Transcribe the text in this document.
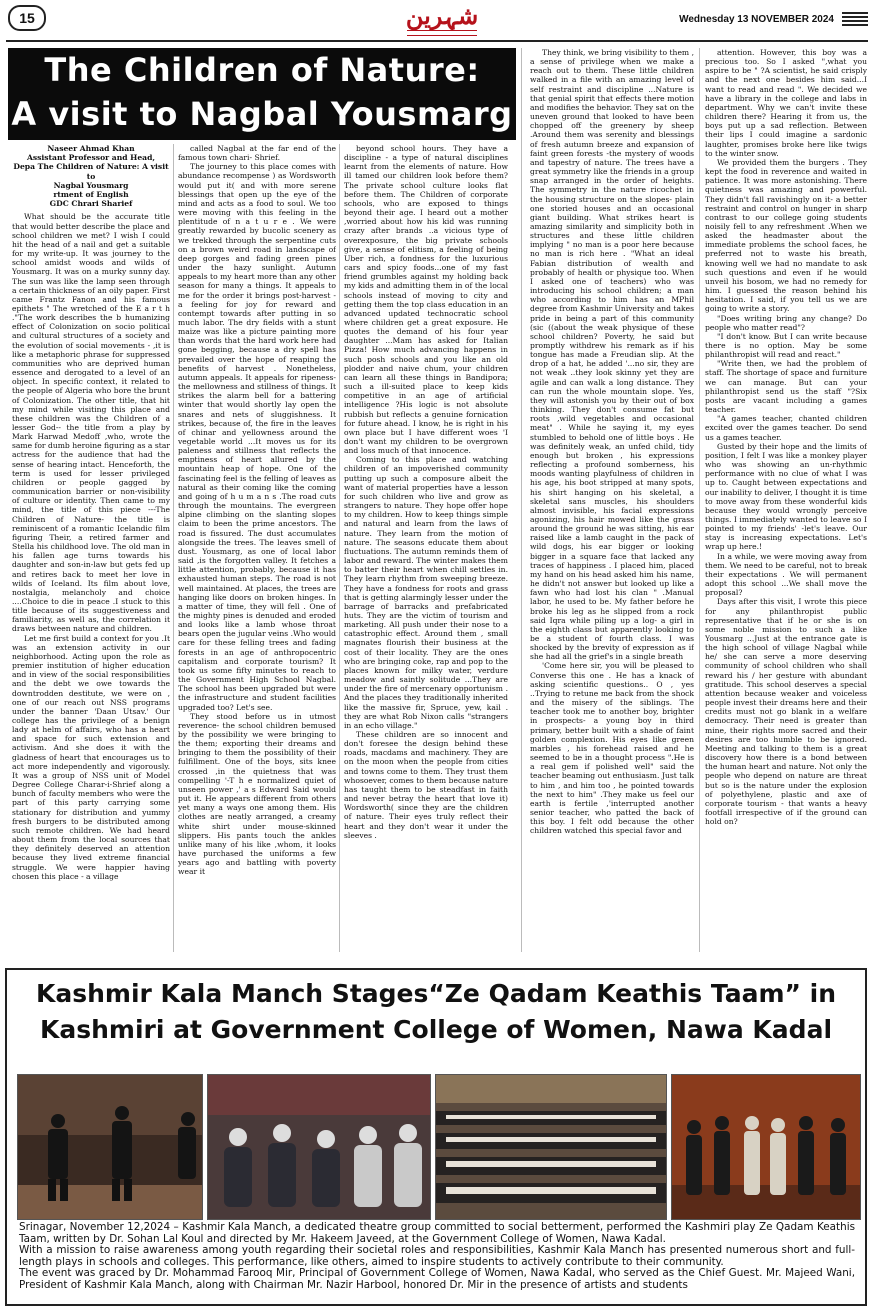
15	شہرین	Wednesday 13 NOVEMBER 2024
The Children of Nature:
A visit to Nagbal Yousmarg
Naseer Ahmad Khan
Assistant Professor and Head,
Depa The Children of Nature: A visit to
Nagbal Yousmarg
rtment of English
GDC Chrari Sharief

What should be the accurate title that would better describe the place and school children we met? I wish I could hit the head of a nail and get a suitable for my write-up. It was journey to the school amidst woods and wilds of Yousmarg. It was on a murky sunny day. The sun was like the lamp seen through a certain thickness of an oily paper. First came Frantz Fanon and his famous epithets " The wretched of the E a r t h ."The work describes the b humanizing effect of Colonization on socio political and cultural structures of a society and the evolution of social movements - ,it is like a metaphoric phrase for suppressed communities who are deprived human essence and derogated to a level of an object. In specific context, it related to the people of Algeria who bore the brunt of Colonization. The other title, that hit my mind while visiting this place and these children was the Children of a lesser God-- the title from a play by Mark Harwad Medoff ,who, wrote the same for dumb heroine figuring as a star actress for the audience that had the sense of hearing intact. Henceforth, the term is used for lesser privileged children or people gagged by communication barrier or non-visibility of culture or identity. Then came to my mind, the title of this piece ---The Children of Nature- the title is reminiscent of a romantic Icelandic film figuring Their, a retired farmer and Stella his childhood love. The old man in his fallen age turns towards his daughter and son-in-law but gets fed up and retires back to meet her love in wilds of Iceland. Its film about love, nostalgia, melancholy and choice ....Choice to die in peace .I stuck to this title because of its suggestiveness and familiarity, as well as, the correlation it draws between nature and children.

Let me first build a context for you .It was an extension activity in our neighborhood. Acting upon the role as premier institution of higher education and in view of the social responsibilities and the debt we owe towards the downtrodden destitute, we were on , one of our reach out NSS programs under the banner 'Daan Utsav.' Our college has the privilege of a benign lady at helm of affairs, who has a heart and space for such extension and activism. And she does it with the gladness of heart that encourages us to act more independently and vigorously. It was a group of NSS unit of Model Degree College Charar-i-Shrief along a bunch of faculty members who were the part of this party carrying some stationary for distribution and yummy fresh burgers to be distributed among such remote children. We had heard about them from the local sources that they definitely deserved an attention because they lived extreme financial struggle. We were happier having chosen this place - a village

called Nagbal at the far end of the famous town chari- Shrief.

The journey to this place comes with abundance recompense ) as Wordsworth would put it( and with more serene blessings that open up the eye of the mind and acts as a food to soul. We too were moving with this feeling in the plentitude of n a t u r e . We were greatly rewarded by bucolic scenery as we trekked through the serpentine cuts on a brown weird road in landscape of deep gorges and fading green pines under the hazy sunlight. Autumn appeals to my heart more than any other season for many a things. It appeals to me for the order it brings post-harvest - a feeling for joy for reward and contempt towards after putting in so much labor. The dry fields with a stunt maize was like a picture painting more than words that the hard work here had gone begging, because a dry spell has prevailed over the hope of reaping the benefits of harvest . Nonetheless, autumn appeals. It appeals for ripeness- the mellowness and stillness of things. It strikes the alarm bell for a battering winter that would shortly lay open the snares and nets of sluggishness. It strikes, because of, the fire in the leaves of chinar and yellowness around the vegetable world ...It moves us for its paleness and stillness that reflects the emptiness of heart allured by the mountain heap of hope. One of the fascinating feel is the felling of leaves as natural as their coming like the coming and going of h u m a n s .The road cuts through the mountains. The evergreen alpine climbing on the slanting slopes claim to been the prime ancestors. The road is fissured. The dust accumulates alongside the trees. The leaves smell of dust. Yousmarg, as one of local labor said ,is the forgotten valley. It fetches a little attention, probably, because it has exhausted human steps. The road is not well maintained. At places, the trees are hanging like doors on broken hinges. In a matter of time, they will fell . One of the mighty pines is denuded and eroded and looks like a lamb whose throat bears open the jugular veins .Who would care for these felling trees and fading forests in an age of anthropocentric capitalism and corporate tourism? It took us some fifty minutes to reach to the Government High School Nagbal. The school has been upgraded but were the infrastructure and student facilities upgraded too? Let's see.

They stood before us in utmost reverence- the school children bemused by the possibility we were bringing to the them; exporting their dreams and bringing to them the possibility of their fulfillment. One of the boys, sits knee crossed ,in the quietness that was compelling '-T h e normalized quiet of unseen power ,' a s Edward Said would put it. He appears different from others yet many a ways one among them. His clothes are neatly arranged, a creamy white shirt under mouse-skinned slippers. His pants touch the ankles unlike many of his like ,whom, it looks have purchased the uniforms a few years ago and battling with poverty wear it

beyond school hours. They have a discipline - a type of natural disciplines learnt from the elements of nature. How ill tamed our children look before them? The private school culture looks flat before them. The Children of corporate schools, who are exposed to things beyond their age. I heard out a mother ,worried about how his kid was running crazy after brands ..a vicious type of overexposure, the big private schools give, a sense of elitism, a feeling of being Uber rich, a fondness for the luxurious cars and spicy foods...one of my fast friend grumbles against my holding back my kids and admitting them in of the local schools instead of moving to city and getting them the top class education in an advanced updated technocratic school where children get a great exposure. He quotes the demand of his four year daughter ...Mam has asked for Italian Pizza! How much advancing happens in such posh schools and you like an old plodder and naive chum, your children can learn all these things in Bandipora; such a ill-suited place to keep kids competitive in an age of artificial intelligence ?His logic is not absolute rubbish but reflects a genuine fornication for future ahead. I know, he is right in his own place but I have different woes 'I don't want my children to be overgrown and loss much of that innocence.

Coming to this place and watching children of an impoverished community putting up such a composure albeit the want of material properties have a lesson for such children who live and grow as strangers to nature. They hope offer hope to my children. How to keep things simple and natural and learn from the laws of nature. They learn from the motion of nature. The seasons educate them about fluctuations. The autumn reminds them of labor and reward. The winter makes them to batter their heart when chill settles in. They learn rhythm from sweeping breeze. They have a fondness for roots and grass that is getting alarmingly lesser under the barrage of barracks and prefabricated huts. They are the victim of tourism and marketing. All push under their nose to a catastrophic effect. Around them , small magnates flourish their business at the cost of their locality. They are the ones who are bringing coke, rap and pop to the places known for milky water, verdure meadow and saintly solitude ...They are under the fire of mercenary opportunism . And the places they traditionally inherited like the massive fir, Spruce, yew, kail . they are what Rob Nixon calls "strangers in an echo village."

These children are so innocent and don't foresee the design behind these roads, macdams and machinery. They are on the moon when the people from cities and towns come to them. They trust them whosoever, comes to them because nature has taught them to be steadfast in faith and never betray the heart that love it) Wordsworth( since they are the children of nature. Their eyes truly reflect their heart and they don't wear it under the sleeves .

They think, we bring visibility to them , a sense of privilege when we make a reach out to them. These little children walked in a file with an amazing level of self restraint and discipline ...Nature is that genial spirit that effects there motion and modifies the behavior. They sat on the uneven ground that looked to have been chopped off the greenery by sheep .Around them was serenity and blessings of fresh autumn breeze and expansion of faint green forests -the mystery of woods and tapestry of nature. The trees have a great symmetry like the friends in a group snap arranged in the order of heights. The symmetry in the nature ricochet in the housing structure on the slopes- plain one storied houses and an occasional giant building. What strikes heart is amazing similarity and simplicity both in structures and these little children implying " no man is a poor here because no man is rich here . "What an ideal Fabian distribution of wealth and probably of health or physique too. When I asked one of teachers) who was introducing his school children; a man who according to him has an MPhil degree from Kashmir University and takes pride in being a part of this community (sic ((about the weak physique of these school children? Poverty, he said but promptly withdrew his remark as if his tongue has made a Freudian slip. At the drop of a hat, he added '...no sir, they are not weak ..they look skinny yet they are agile and can walk a long distance. They can run the whole mountain slope. Yes, they will astonish you by their out of box thinking. They don't consume fat but roots ,wild vegetables and occasional meat" . While he saying it, my eyes stumbled to behold one of little boys . He was definitely weak, an unfed child, tidy enough but broken , his expressions reflecting a profound somberness, his moods wanting playfulness of children in his age, his boot stripped at many spots, his shirt hanging on his skeletal, a skeletal sans muscles, his shoulders almost invisible, his facial expressions agonizing, his hair mowed like the grass around the ground he was sitting, his ear raised like a lamb caught in the pack of wild dogs, his ear bigger or looking bigger in a square face that lacked any traces of happiness . I placed him, placed my hand on his head asked him his name, he didn't not answer but looked up like a fawn who had lost his clan " .Manual labor, he used to be. My father before he broke his leg as he slipped from a rock said Iqra while piling up a log- a girl in the eighth class but apparently looking to be a student of fourth class. I was shocked by the brevity of expression as if she had all the grief's in a single breath

'Come here sir, you will be pleased to Converse this one . He has a knack of asking scientific questions.. O , yes ..Trying to retune me back from the shock and the misery of the siblings. The teacher took me to another boy, brighter in prospects- a young boy in third primary, better built with a shade of faint golden complexion. His eyes like green marbles , his forehead raised and he seemed to be in a thought process ".He is a real gem if polished well" said the teacher beaming out enthusiasm. Just talk to him , and him too , he pointed towards the next to him" .They make us feel our earth is fertile ,'interrupted another senior teacher, who patted the back of this boy. I felt odd because the other children watched this special favor and

attention. However, this boy was a precious too. So I asked ",what you aspire to be " ?A scientist, he said crisply and the next one besides him said...I want to read and read ". We decided we have a library in the college and labs in department. Why we can't invite these children there? Hearing it from us, the boys put up a sad reflection. Between their lips I could imagine a sardonic laughter, promises broke here like twigs to the winter snow.

We provided them the burgers . They kept the food in reverence and waited in patience. It was more astonishing. There quietness was amazing and powerful. They didn't fall ravishingly on it- a better restraint and control on hunger in sharp contrast to our college going students noisily fell to any refreshment .When we asked the headmaster about the immediate problems the school faces, he preferred not to waste his breath, knowing well we had no mandate to ask such questions and even if he would unveil his bosom, we had no remedy for him. I guessed the reason behind his hesitation. I said, if you tell us we are going to write a story.

"Does writing bring any change? Do people who matter read"?

"I don't know. But I can write because there is no option. May be some philanthropist will read and react."

"Write then, we had the problem of staff. The shortage of space and furniture we can manage. But can your philanthropist send us the staff "?Six posts are vacant including a games teacher.

"A games teacher, chanted children excited over the games teacher. Do send us a games teacher.

Gusted by their hope and the limits of position, I felt I was like a monkey player who was showing an un-rhythmic performance with no clue of what I was up to. Caught between expectations and our inability to deliver, I thought it is time to move away from these wonderful kids because they would wrongly perceive things. I immediately wanted to leave so I pointed to my friends' -let's leave. Our stay is increasing expectations. Let's wrap up here.!

In a while, we were moving away from them. We need to be careful, not to break their expectations . We will permanent adopt this school ...We shall move the proposal?

Days after this visit, I wrote this piece for any philanthropist public representative that if he or she is on some noble mission to such a like Yousmarg ...Just at the entrance gate is the high school of village Nagbal while he/ she can serve a more deserving community of school children who shall reward his / her gesture with abundant gratitude. This school deserves a special attention because weaker and voiceless people invest their dreams here and their credits must not go blank in a welfare democracy. Their need is greater than mine, their rights more sacred and their desires are too humble to be ignored. Meeting and talking to them is a great discovery how there is a bond between the human heart and nature. Not only the people who depend on nature are threat but so is the nature under the explosion of polyethylene, plastic and axe of corporate tourism - that wants a heavy footfall irrespective of if the ground can hold on?

Kashmir Kala Manch Stages“Ze Qadam Keathis Taam” in
Kashmiri at Government College of Women, Nawa Kadal

Srinagar, November 12,2024 – Kashmir Kala Manch, a dedicated theatre group committed to social betterment, performed the Kashmiri play Ze Qadam Keathis Taam, written by Dr. Sohan Lal Koul and directed by Mr. Hakeem Javeed, at the Government College of Women, Nawa Kadal.

With a mission to raise awareness among youth regarding their societal roles and responsibilities, Kashmir Kala Manch has presented numerous short and full-length plays in schools and colleges. This performance, like others, aimed to inspire students to actively contribute to their community.

The event was graced by Dr. Mohammad Farooq Mir, Principal of Government College of Women, Nawa Kadal, who served as the Chief Guest. Mr. Majeed Wani, President of Kashmir Kala Manch, along with Chairman Mr. Nazir Harbool, honored Dr. Mir in the presence of artists and students
